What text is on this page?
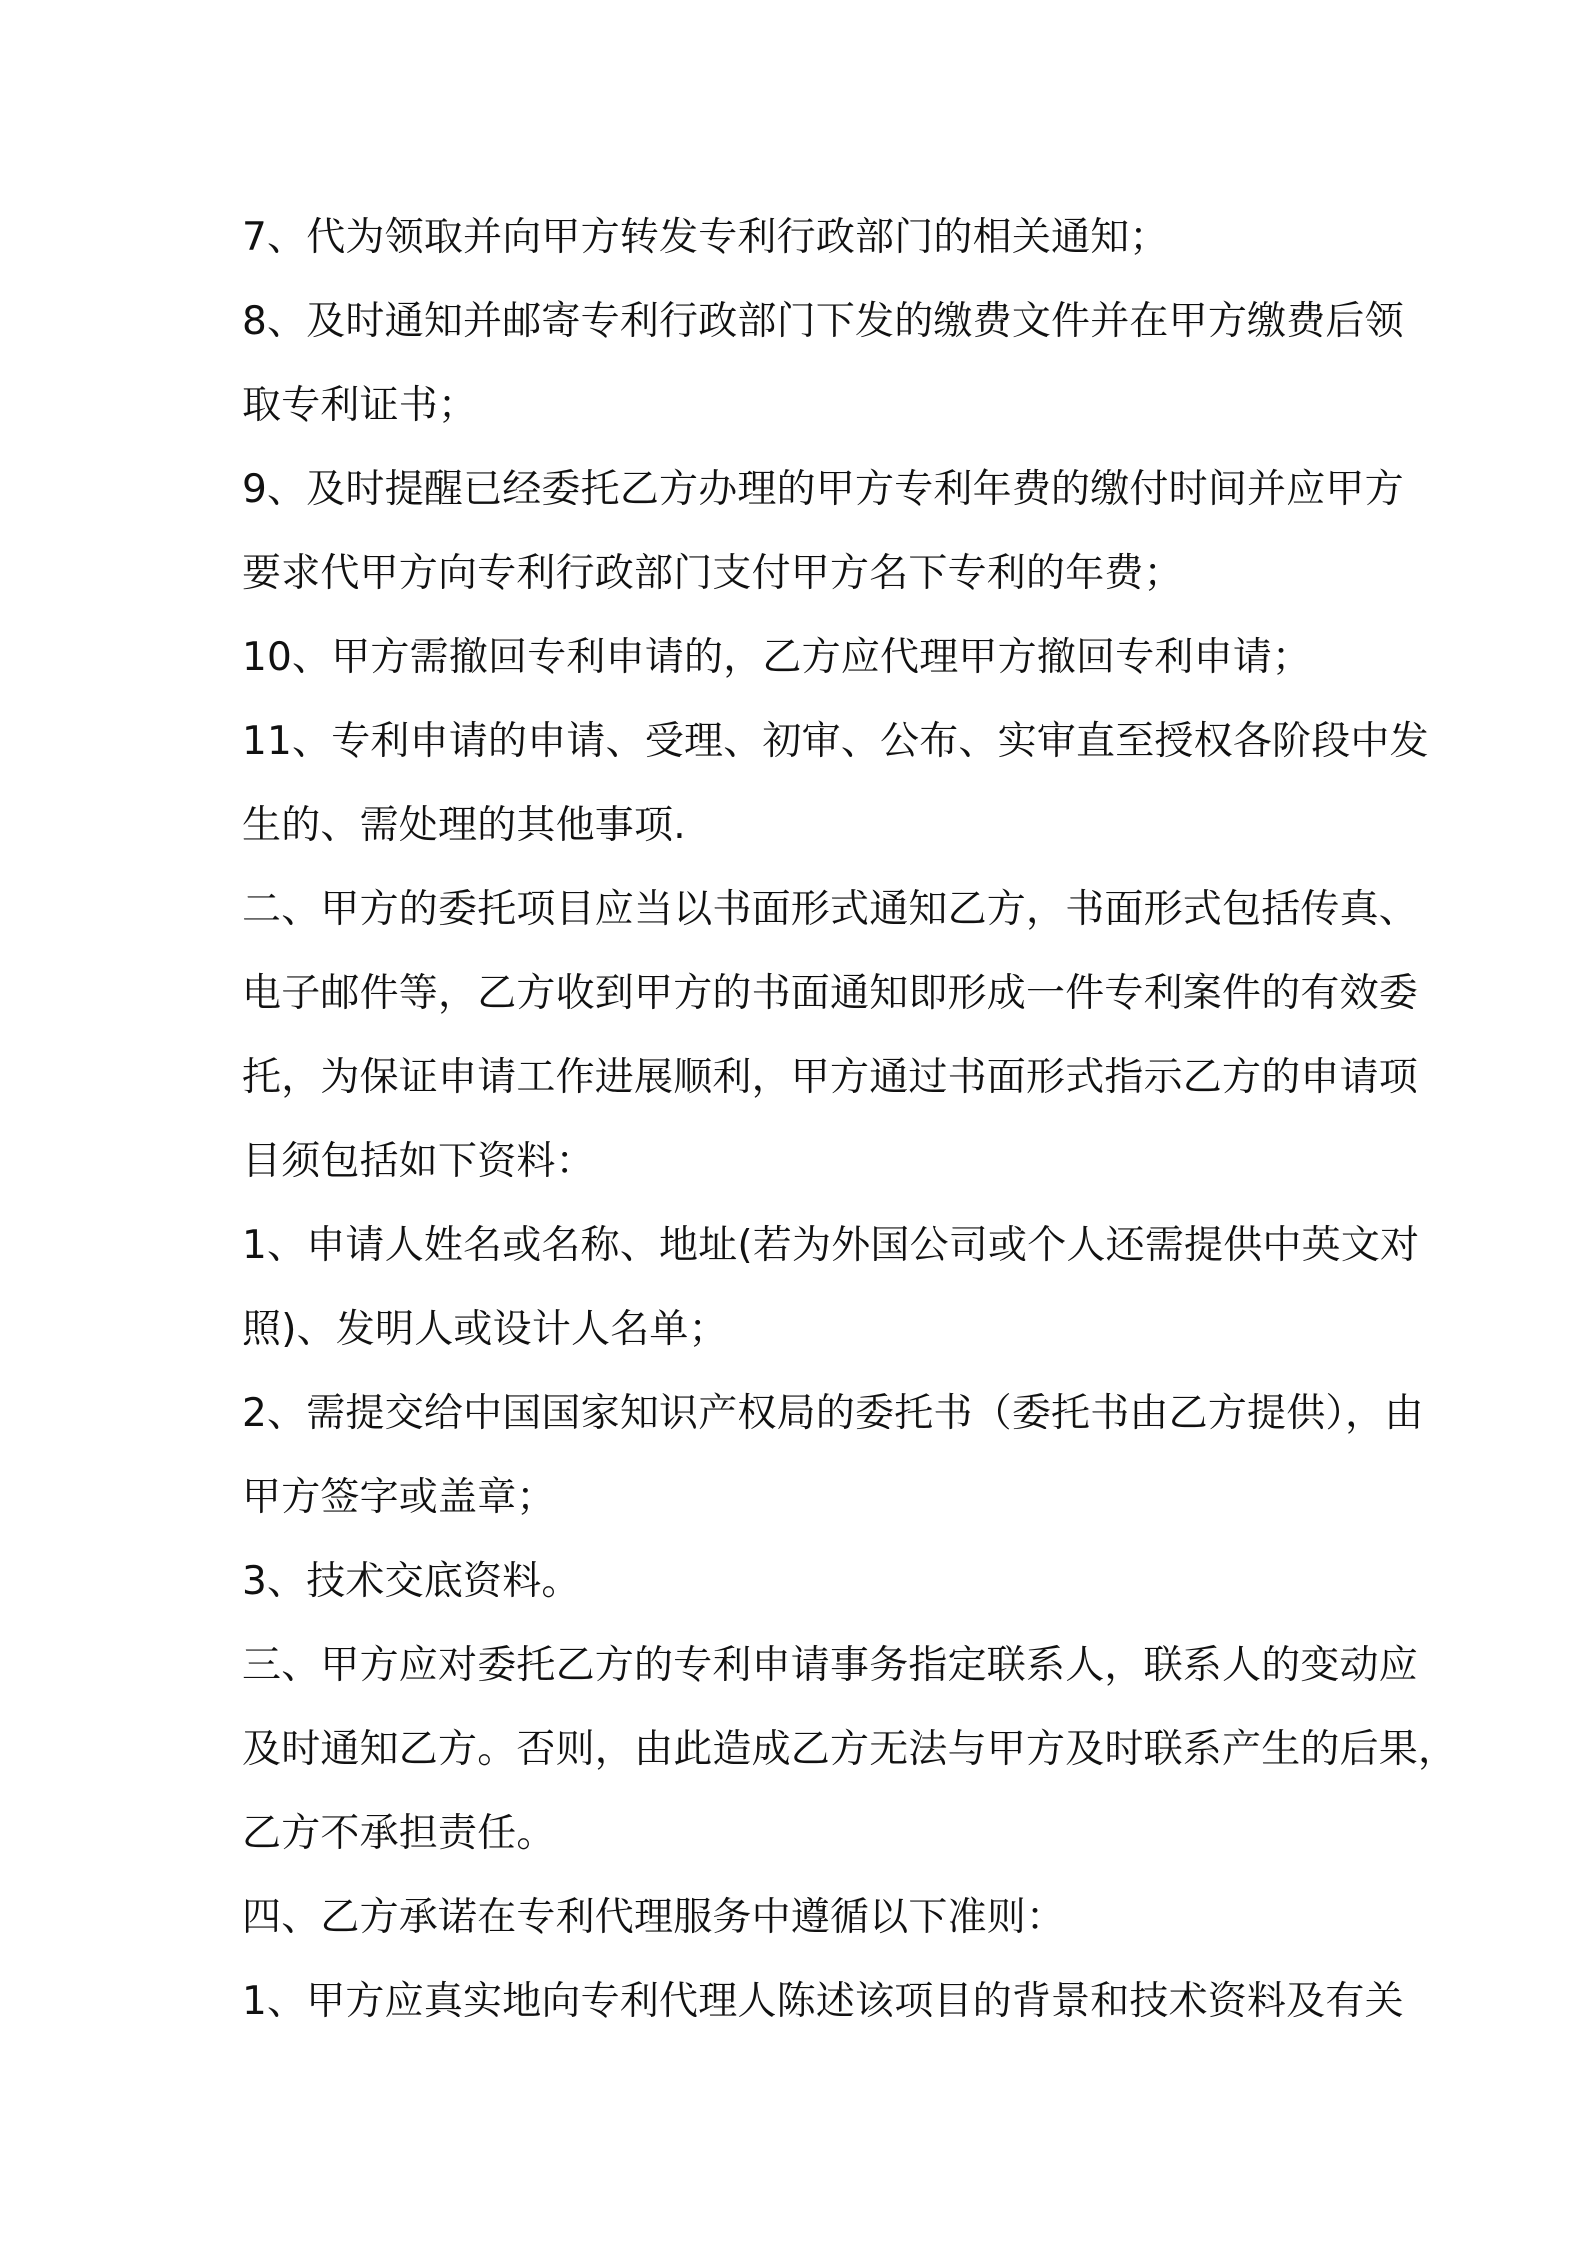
7、代为领取并向甲方转发专利行政部门的相关通知；
8、及时通知并邮寄专利行政部门下发的缴费文件并在甲方缴费后领
取专利证书；
9、及时提醒已经委托乙方办理的甲方专利年费的缴付时间并应甲方
要求代甲方向专利行政部门支付甲方名下专利的年费；
10、甲方需撤回专利申请的，乙方应代理甲方撤回专利申请；
11、专利申请的申请、受理、初审、公布、实审直至授权各阶段中发
生的、需处理的其他事项.
二、甲方的委托项目应当以书面形式通知乙方，书面形式包括传真、
电子邮件等，乙方收到甲方的书面通知即形成一件专利案件的有效委
托，为保证申请工作进展顺利，甲方通过书面形式指示乙方的申请项
目须包括如下资料：
1、申请人姓名或名称、地址(若为外国公司或个人还需提供中英文对
照)、发明人或设计人名单；
2、需提交给中国国家知识产权局的委托书（委托书由乙方提供），由
甲方签字或盖章；
3、技术交底资料。
三、甲方应对委托乙方的专利申请事务指定联系人，联系人的变动应
及时通知乙方。否则，由此造成乙方无法与甲方及时联系产生的后果，
乙方不承担责任。
四、乙方承诺在专利代理服务中遵循以下准则：
1、甲方应真实地向专利代理人陈述该项目的背景和技术资料及有关
